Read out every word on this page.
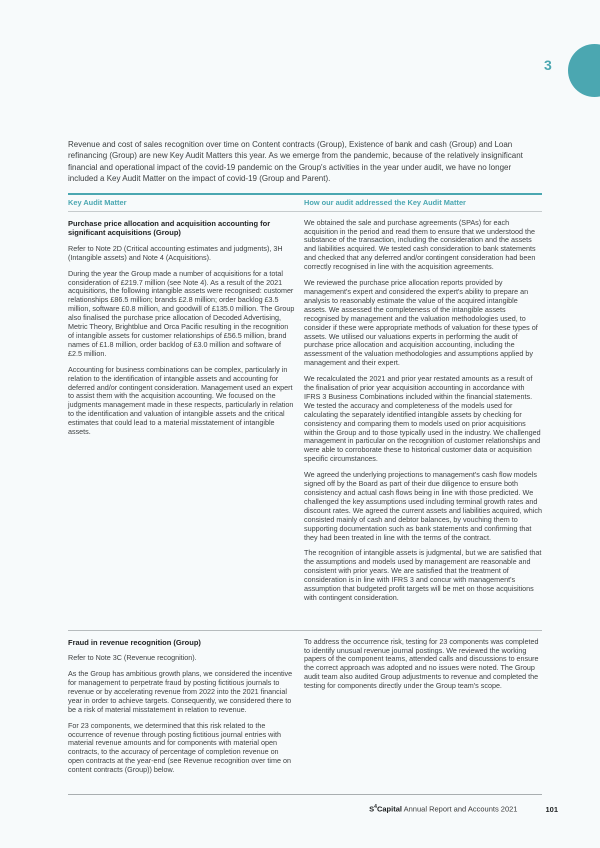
3

Revenue and cost of sales recognition over time on Content contracts (Group), Existence of bank and cash (Group) and Loan refinancing (Group) are new Key Audit Matters this year. As we emerge from the pandemic, because of the relatively insignificant financial and operational impact of the covid-19 pandemic on the Group's activities in the year under audit, we have no longer included a Key Audit Matter on the impact of covid-19 (Group and Parent).

Key Audit Matter	How our audit addressed the Key Audit Matter
Purchase price allocation and acquisition accounting for significant acquisitions (Group)

Refer to Note 2D (Critical accounting estimates and judgments), 3H (Intangible assets) and Note 4 (Acquisitions).

During the year the Group made a number of acquisitions for a total consideration of £219.7 million (see Note 4). As a result of the 2021 acquisitions, the following intangible assets were recognised: customer relationships £86.5 million; brands £2.8 million; order backlog £3.5 million, software £0.8 million, and goodwill of £135.0 million. The Group also finalised the purchase price allocation of Decoded Advertising, Metric Theory, Brightblue and Orca Pacific resulting in the recognition of intangible assets for customer relationships of £56.5 million, brand names of £1.8 million, order backlog of £3.0 million and software of £2.5 million.

Accounting for business combinations can be complex, particularly in relation to the identification of intangible assets and accounting for deferred and/or contingent consideration. Management used an expert to assist them with the acquisition accounting. We focused on the judgments management made in these respects, particularly in relation to the identification and valuation of intangible assets and the critical estimates that could lead to a material misstatement of intangible assets.

We obtained the sale and purchase agreements (SPAs) for each acquisition in the period and read them to ensure that we understood the substance of the transaction, including the consideration and the assets and liabilities acquired. We tested cash consideration to bank statements and checked that any deferred and/or contingent consideration had been correctly recognised in line with the acquisition agreements.

We reviewed the purchase price allocation reports provided by management's expert and considered the expert's ability to prepare an analysis to reasonably estimate the value of the acquired intangible assets. We assessed the completeness of the intangible assets recognised by management and the valuation methodologies used, to consider if these were appropriate methods of valuation for these types of assets. We utilised our valuations experts in performing the audit of purchase price allocation and acquisition accounting, including the assessment of the valuation methodologies and assumptions applied by management and their expert.

We recalculated the 2021 and prior year restated amounts as a result of the finalisation of prior year acquisition accounting in accordance with IFRS 3 Business Combinations included within the financial statements. We tested the accuracy and completeness of the models used for calculating the separately identified intangible assets by checking for consistency and comparing them to models used on prior acquisitions within the Group and to those typically used in the industry. We challenged management in particular on the recognition of customer relationships and were able to corroborate these to historical customer data or acquisition specific circumstances.

We agreed the underlying projections to management's cash flow models signed off by the Board as part of their due diligence to ensure both consistency and actual cash flows being in line with those predicted. We challenged the key assumptions used including terminal growth rates and discount rates. We agreed the current assets and liabilities acquired, which consisted mainly of cash and debtor balances, by vouching them to supporting documentation such as bank statements and confirming that they had been treated in line with the terms of the contract.

The recognition of intangible assets is judgmental, but we are satisfied that the assumptions and models used by management are reasonable and consistent with prior years. We are satisfied that the treatment of consideration is in line with IFRS 3 and concur with management's assumption that budgeted profit targets will be met on those acquisitions with contingent consideration.

Fraud in revenue recognition (Group)

Refer to Note 3C (Revenue recognition).

As the Group has ambitious growth plans, we considered the incentive for management to perpetrate fraud by posting fictitious journals to revenue or by accelerating revenue from 2022 into the 2021 financial year in order to achieve targets. Consequently, we considered there to be a risk of material misstatement in relation to revenue.

For 23 components, we determined that this risk related to the occurrence of revenue through posting fictitious journal entries with material revenue amounts and for components with material open contracts, to the accuracy of percentage of completion revenue on open contracts at the year-end (see Revenue recognition over time on content contracts (Group)) below.

To address the occurrence risk, testing for 23 components was completed to identify unusual revenue journal postings. We reviewed the working papers of the component teams, attended calls and discussions to ensure the correct approach was adopted and no issues were noted. The Group audit team also audited Group adjustments to revenue and completed the testing for components directly under the Group team's scope.

$S^4Capital$ Annual Report and Accounts 2021	101
